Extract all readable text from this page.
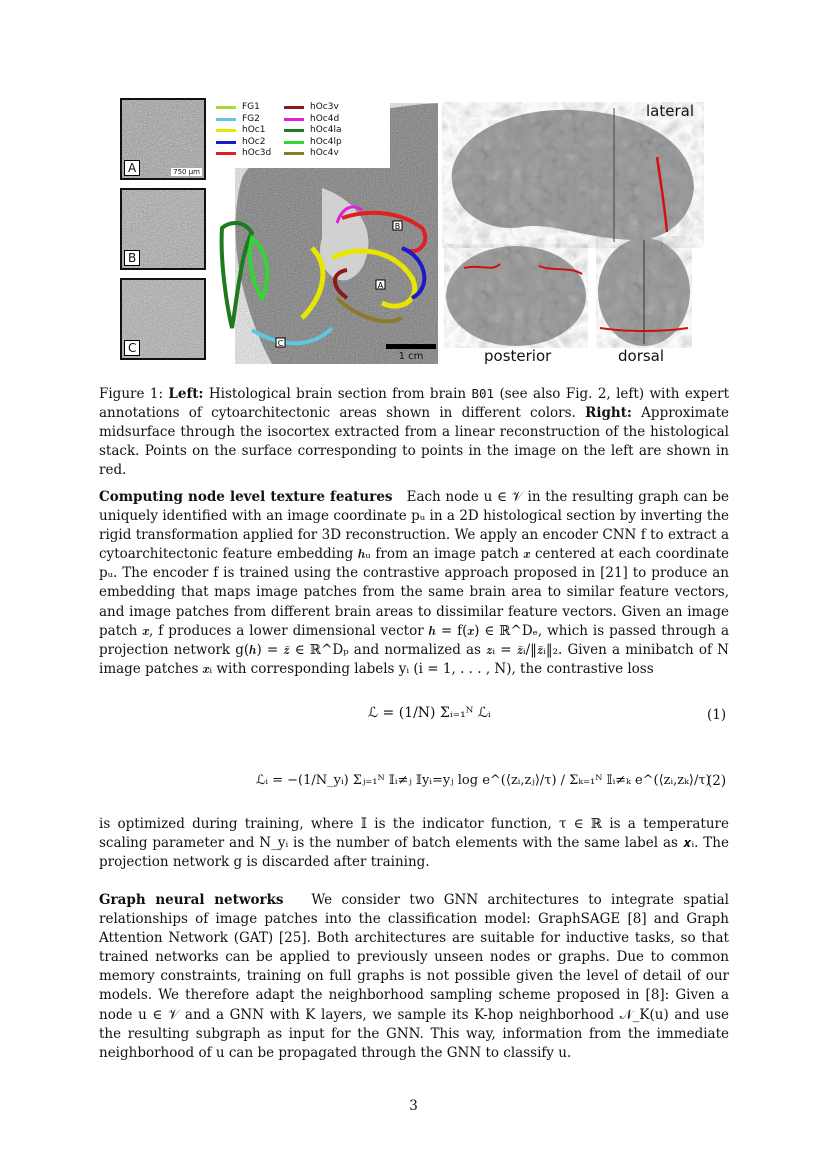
A	750 μm
B
C
B
A
C
FG1
FG2
hOc1
hOc2
hOc3d
hOc3v
hOc4d
hOc4la
hOc4lp
hOc4v
1 cm
lateral
posterior	dorsal
Figure 1: Left: Histological brain section from brain B01 (see also Fig. 2, left) with expert annotations of cytoarchitectonic areas shown in different colors. Right: Approximate midsurface through the isocortex extracted from a linear reconstruction of the histological stack. Points on the surface corresponding to points in the image on the left are shown in red.
Computing node level texture features Each node u ∈ 𝒱 in the resulting graph can be uniquely identified with an image coordinate pᵤ in a 2D histological section by inverting the rigid transformation applied for 3D reconstruction. We apply an encoder CNN f to extract a cytoarchitectonic feature embedding 𝒉ᵤ from an image patch 𝒙 centered at each coordinate pᵤ. The encoder f is trained using the contrastive approach proposed in [21] to produce an embedding that maps image patches from the same brain area to similar feature vectors, and image patches from different brain areas to dissimilar feature vectors. Given an image patch 𝒙, f produces a lower dimensional vector 𝒉 = f(𝒙) ∈ ℝ^Dₑ, which is passed through a projection network g(𝒉) = 𝒛̃ ∈ ℝ^Dₚ and normalized as 𝒛ᵢ = 𝒛̃ᵢ/‖𝒛̃ᵢ‖₂. Given a minibatch of N image patches 𝒙ᵢ with corresponding labels yᵢ (i = 1, . . . , N), the contrastive loss
ℒ = (1/N) Σᵢ₌₁ᴺ ℒᵢ	(1)
ℒᵢ = −(1/N_yᵢ) Σⱼ₌₁ᴺ 𝕀ᵢ≠ⱼ 𝕀yᵢ=yⱼ log e^(⟨zᵢ,zⱼ⟩/τ) / Σₖ₌₁ᴺ 𝕀ᵢ≠ₖ e^(⟨zᵢ,zₖ⟩/τ)
(2)
is optimized during training, where 𝕀 is the indicator function, τ ∈ ℝ is a temperature scaling parameter and N_yᵢ is the number of batch elements with the same label as 𝒙ᵢ. The projection network g is discarded after training.
Graph neural networks We consider two GNN architectures to integrate spatial relationships of image patches into the classification model: GraphSAGE [8] and Graph Attention Network (GAT) [25]. Both architectures are suitable for inductive tasks, so that trained networks can be applied to previously unseen nodes or graphs. Due to common memory constraints, training on full graphs is not possible given the level of detail of our models. We therefore adapt the neighborhood sampling scheme proposed in [8]: Given a node u ∈ 𝒱 and a GNN with K layers, we sample its K-hop neighborhood 𝒩_K(u) and use the resulting subgraph as input for the GNN. This way, information from the immediate neighborhood of u can be propagated through the GNN to classify u.
3
